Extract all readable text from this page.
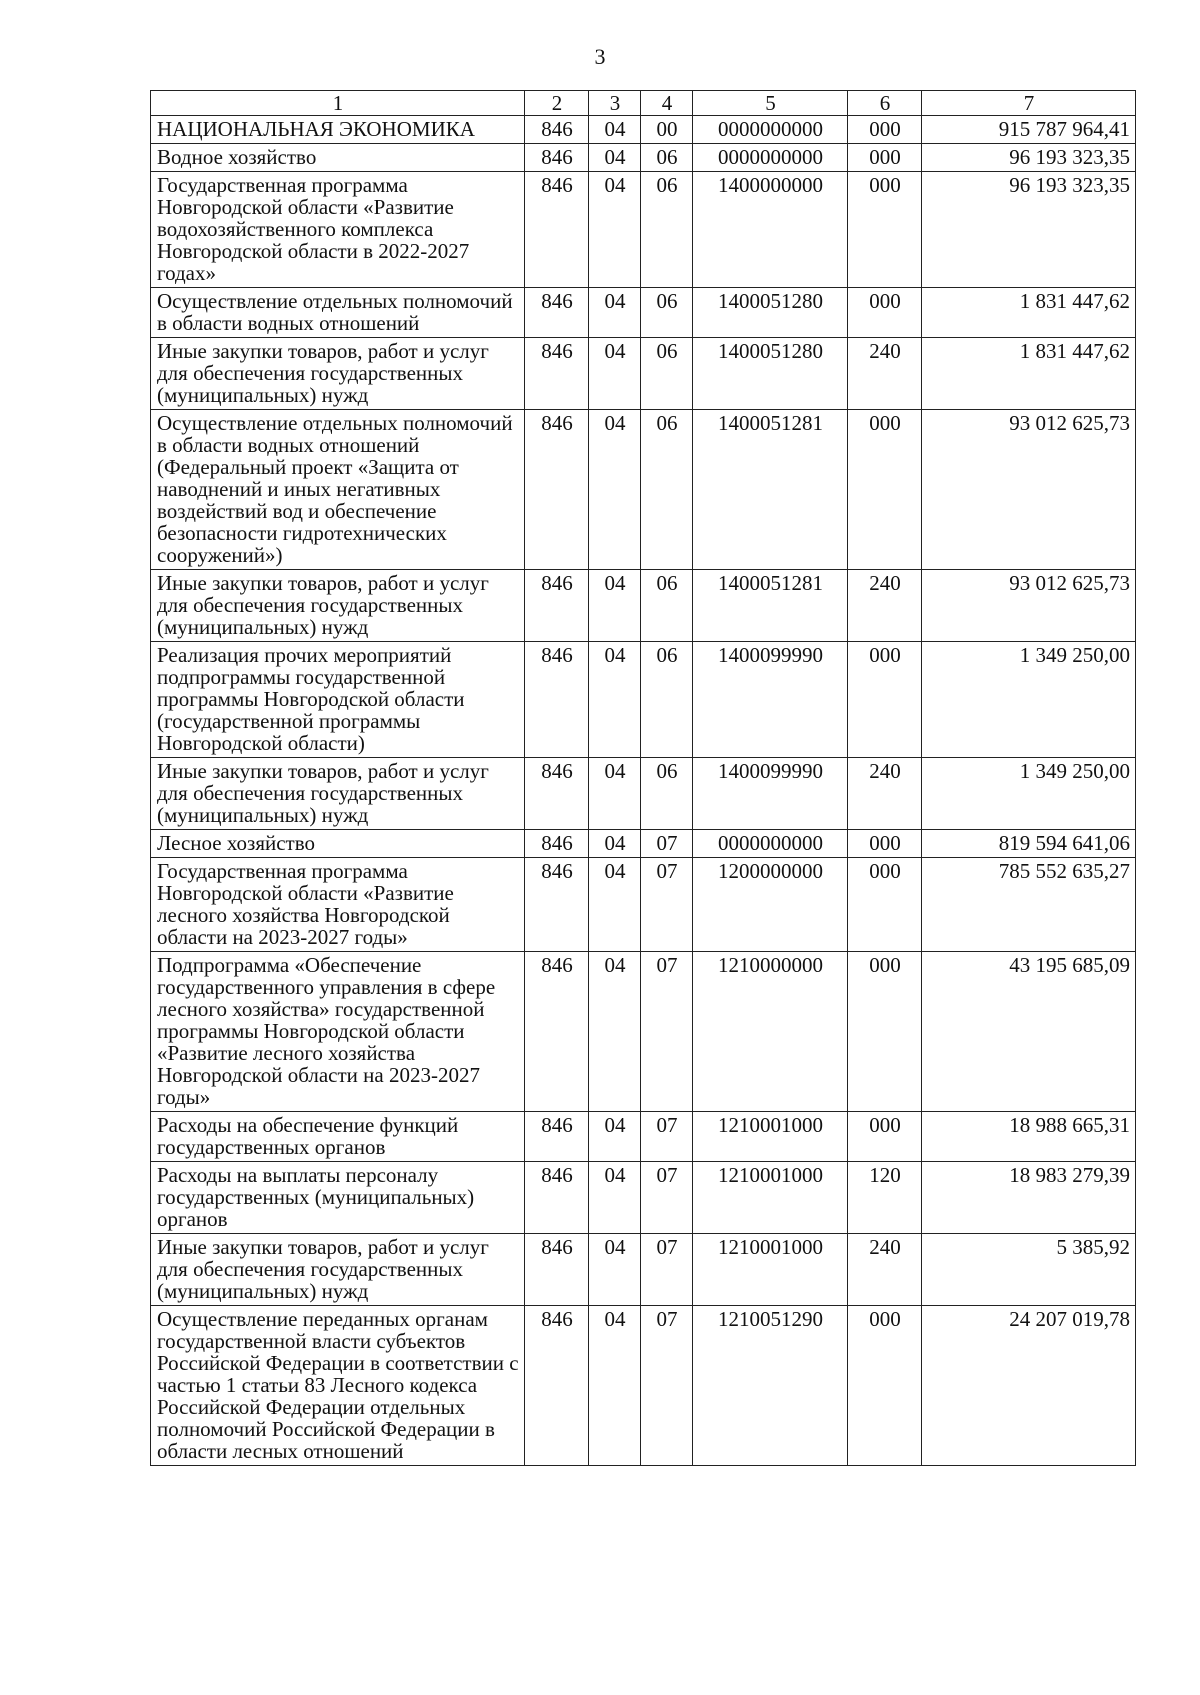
3
1	2	3	4	5	6	7
НАЦИОНАЛЬНАЯ ЭКОНОМИКА	846	04	00	0000000000	000	915 787 964,41
Водное хозяйство	846	04	06	0000000000	000	96 193 323,35
Государственная программа Новгородской области «Развитие водохозяйственного комплекса Новгородской области в 2022-2027 годах»	846	04	06	1400000000	000	96 193 323,35
Осуществление отдельных полномочий в области водных отношений	846	04	06	1400051280	000	1 831 447,62
Иные закупки товаров, работ и услуг для обеспечения государственных (муниципальных) нужд	846	04	06	1400051280	240	1 831 447,62
Осуществление отдельных полномочий в области водных отношений (Федеральный проект «Защита от наводнений и иных негативных воздействий вод и обеспечение безопасности гидротехнических сооружений»)	846	04	06	1400051281	000	93 012 625,73
Иные закупки товаров, работ и услуг для обеспечения государственных (муниципальных) нужд	846	04	06	1400051281	240	93 012 625,73
Реализация прочих мероприятий подпрограммы государственной программы Новгородской области (государственной программы Новгородской области)	846	04	06	1400099990	000	1 349 250,00
Иные закупки товаров, работ и услуг для обеспечения государственных (муниципальных) нужд	846	04	06	1400099990	240	1 349 250,00
Лесное хозяйство	846	04	07	0000000000	000	819 594 641,06
Государственная программа Новгородской области «Развитие лесного хозяйства Новгородской области на 2023-2027 годы»	846	04	07	1200000000	000	785 552 635,27
Подпрограмма «Обеспечение государственного управления в сфере лесного хозяйства» государственной программы Новгородской области «Развитие лесного хозяйства Новгородской области на 2023-2027 годы»	846	04	07	1210000000	000	43 195 685,09
Расходы на обеспечение функций государственных органов	846	04	07	1210001000	000	18 988 665,31
Расходы на выплаты персоналу государственных (муниципальных) органов	846	04	07	1210001000	120	18 983 279,39
Иные закупки товаров, работ и услуг для обеспечения государственных (муниципальных) нужд	846	04	07	1210001000	240	5 385,92
Осуществление переданных органам государственной власти субъектов Российской Федерации в соответствии с частью 1 статьи 83 Лесного кодекса Российской Федерации отдельных полномочий Российской Федерации в области лесных отношений	846	04	07	1210051290	000	24 207 019,78
